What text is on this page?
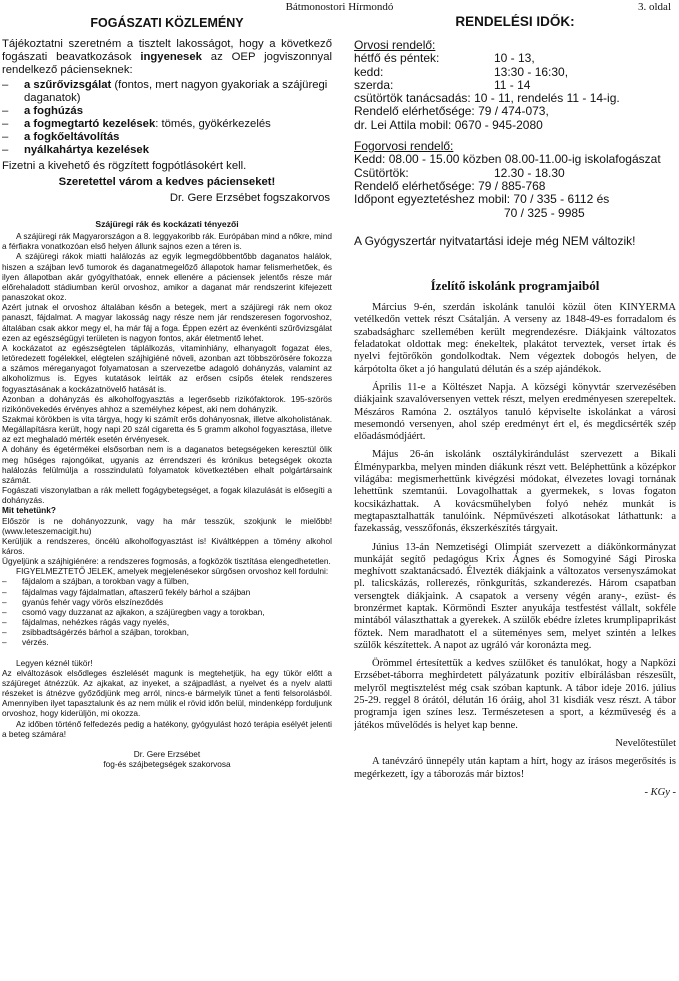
Bátmonostori Hírmondó	3. oldal
FOGÁSZATI KÖZLEMÉNY

Tájékoztatni szeretném a tisztelt lakosságot, hogy a következő fogászati beavatkozások ingyenesek az OEP jogviszonnyal rendelkező pácienseknek:

– a szűrővizsgálat (fontos, mert nagyon gyakoriak a szájüregi daganatok)
– a foghúzás
– a fogmegtartó kezelések: tömés, gyökérkezelés
– a fogkőeltávolítás
– nyálkahártya kezelések

Fizetni a kivehető és rögzített fogpótlásokért kell.

Szeretettel várom a kedves pácienseket!

Dr. Gere Erzsébet fogszakorvos

Szájüregi rák és kockázati tényezői

A szájüregi rák Magyarországon a 8. leggyakoribb rák. Európában mind a nőkre, mind a férfiakra vonatkozóan első helyen állunk sajnos ezen a téren is.

A szájüregi rákok miatti halálozás az egyik legmegdöbbentőbb daganatos halálok, hiszen a szájban levő tumorok és daganatmegelőző állapotok hamar felismerhetőek, és ilyen állapotban akár gyógyíthatóak, ennek ellenére a páciensek jelentős része már előrehaladott stádiumban kerül orvoshoz, amikor a daganat már rendszerint kifejezett panaszokat okoz.

Azért jutnak el orvoshoz általában későn a betegek, mert a szájüregi rák nem okoz panaszt, fájdalmat. A magyar lakosság nagy része nem jár rendszeresen fogorvoshoz, általában csak akkor megy el, ha már fáj a foga. Éppen ezért az évenkénti szűrővizsgálat ezen az egészségügyi területen is nagyon fontos, akár életmentő lehet.

A kockázatot az egészségtelen táplálkozás, vitaminhiány, elhanyagolt fogazat éles, letöredezett fogélekkel, elégtelen szájhigiéné növeli, azonban azt többszörösére fokozza a számos méreganyagot folyamatosan a szervezetbe adagoló dohányzás, valamint az alkoholizmus is. Egyes kutatások leírták az erősen csípős ételek rendszeres fogyasztásának a kockázatnövelő hatását is.

Azonban a dohányzás és alkoholfogyasztás a legerősebb rizikófaktorok. 195-szörös rizikónövekedés érvényes ahhoz a személyhez képest, aki nem dohányzik.

Szakmai körökben is vita tárgya, hogy ki számít erős dohányosnak, illetve alkoholistának. Megállapításra került, hogy napi 20 szál cigaretta és 5 gramm alkohol fogyasztása, illetve az ezt meghaladó mérték esetén érvényesek.

A dohány és égetérmékei elsősorban nem is a daganatos betegségeken keresztül ölik meg hűséges rajongóikat, ugyanis az érrendszeri és krónikus betegségek okozta halálozás felülmúlja a rosszindulatú folyamatok következtében elhalt polgártársaink számát.

Fogászati viszonylatban a rák mellett fogágybetegséget, a fogak kilazulását is elősegíti a dohányzás.

Mit tehetünk?

Először is ne dohányozzunk, vagy ha már tesszük, szokjunk le mielőbb! (www.leteszemacigit.hu)

Kerüljük a rendszeres, öncélú alkoholfogyasztást is! Kiváltképpen a tömény alkohol káros.

Ügyeljünk a szájhigiénére: a rendszeres fogmosás, a fogközök tisztítása elengedhetetlen.

FIGYELMEZTETŐ JELEK, amelyek megjelenésekor sürgősen orvoshoz kell fordulni:

– fájdalom a szájban, a torokban vagy a fülben,
– fájdalmas vagy fájdalmatlan, aftaszerű fekély bárhol a szájban
– gyanús fehér vagy vörös elszíneződés
– csomó vagy duzzanat az ajkakon, a szájüregben vagy a torokban,
– fájdalmas, nehézkes rágás vagy nyelés,
– zsibbadtságérzés bárhol a szájban, torokban,
– vérzés.

Legyen kéznél tükör!

Az elváltozások elsődleges észlelését magunk is megtehetjük, ha egy tükör előtt a szájüreget átnézzük. Az ajkakat, az inyeket, a szájpadlást, a nyelvet és a nyelv alatti részeket is átnézve győződjünk meg arról, nincs-e bármelyik tünet a fenti felsorolásból. Amennyiben ilyet tapasztalunk és az nem múlik el rövid időn belül, mindenképp forduljunk orvoshoz, hogy kiderüljön, mi okozza.

Az időben történő felfedezés pedig a hatékony, gyógyulást hozó terápia esélyét jelenti a beteg számára!

Dr. Gere Erzsébet

fog-és szájbetegségek szakorvosa

RENDELÉSI IDŐK:
Orvosi rendelő:
hétfő és péntek:	10 - 13,
kedd:	13:30 - 16:30,
szerda:	11 - 14
csütörtök tanácsadás: 10 - 11, rendelés 11 - 14-ig.
Rendelő elérhetősége: 79 / 474-073,
dr. Lei Attila mobil: 0670 - 945-2080
Fogorvosi rendelő:
Kedd: 08.00 - 15.00 közben 08.00-11.00-ig iskolafogászat
Csütörtök:	12.30 - 18.30
Rendelő elérhetősége: 79 / 885-768
Időpont egyeztetéshez mobil: 70 / 335 - 6112 és
70 / 325 - 9985
A Gyógyszertár nyitvatartási ideje még NEM változik!
Ízelítő iskolánk programjaiból

Március 9-én, szerdán iskolánk tanulói közül öten KINYERMA vetélkedőn vettek részt Csátalján. A verseny az 1848-49-es forradalom és szabadságharc szellemében került megrendezésre. Diákjaink változatos feladatokat oldottak meg: énekeltek, plakátot terveztek, verset írtak és nyelvi fejtörőkön gondolkodtak. Nem végeztek dobogós helyen, de kárpótolta őket a jó hangulatú délután és a szép ajándékok.

Április 11-e a Költészet Napja. A községi könyvtár szervezésében diákjaink szavalóversenyen vettek részt, melyen eredményesen szerepeltek. Mészáros Ramóna 2. osztályos tanuló képviselte iskolánkat a városi mesemondó versenyen, ahol szép eredményt ért el, és megdicsérték szép előadásmódjáért.

Május 26-án iskolánk osztálykirándulást szervezett a Bikali Élményparkba, melyen minden diákunk részt vett. Beléphettünk a középkor világába: megismerhettünk kivégzési módokat, élvezetes lovagi tornának lehettünk szemtanúi. Lovagolhattak a gyermekek, s lovas fogaton kocsikázhattak. A kovácsműhelyben folyó nehéz munkát is megtapasztalhatták tanulóink. Népművészeti alkotásokat láthattunk: a fazekasság, vesszőfonás, ékszerkészítés tárgyait.

Június 13-án Nemzetiségi Olimpiát szervezett a diákönkormányzat munkáját segítő pedagógus Krix Ágnes és Somogyiné Sági Piroska meghívott szaktanácsadó. Élvezték diákjaink a változatos versenyszámokat pl. talicskázás, rollerezés, rönkgurítás, szkanderezés. Három csapatban versengtek diákjaink. A csapatok a verseny végén arany-, ezüst- és bronzérmet kaptak. Körmöndi Eszter anyukája testfestést vállalt, sokféle mintából választhattak a gyerekek. A szülők ebédre ízletes krumplipaprikást főztek. Nem maradhatott el a süteményes sem, melyet szintén a lelkes szülők készítettek. A napot az ugráló vár koronázta meg.

Örömmel értesítettük a kedves szülőket és tanulókat, hogy a Napközi Erzsébet-táborra meghirdetett pályázatunk pozitív elbírálásban részesült, melyről megtisztelést még csak szóban kaptunk. A tábor ideje 2016. július 25-29. reggel 8 órától, délután 16 óráig, ahol 31 kisdiák vesz részt. A tábor programja igen színes lesz. Természetesen a sport, a kézműveség és a játékos művelődés is helyet kap benne.

Nevelőtestület

A tanévzáró ünnepély után kaptam a hírt, hogy az írásos megerősítés is megérkezett, így a táborozás már biztos!

- KGy -
